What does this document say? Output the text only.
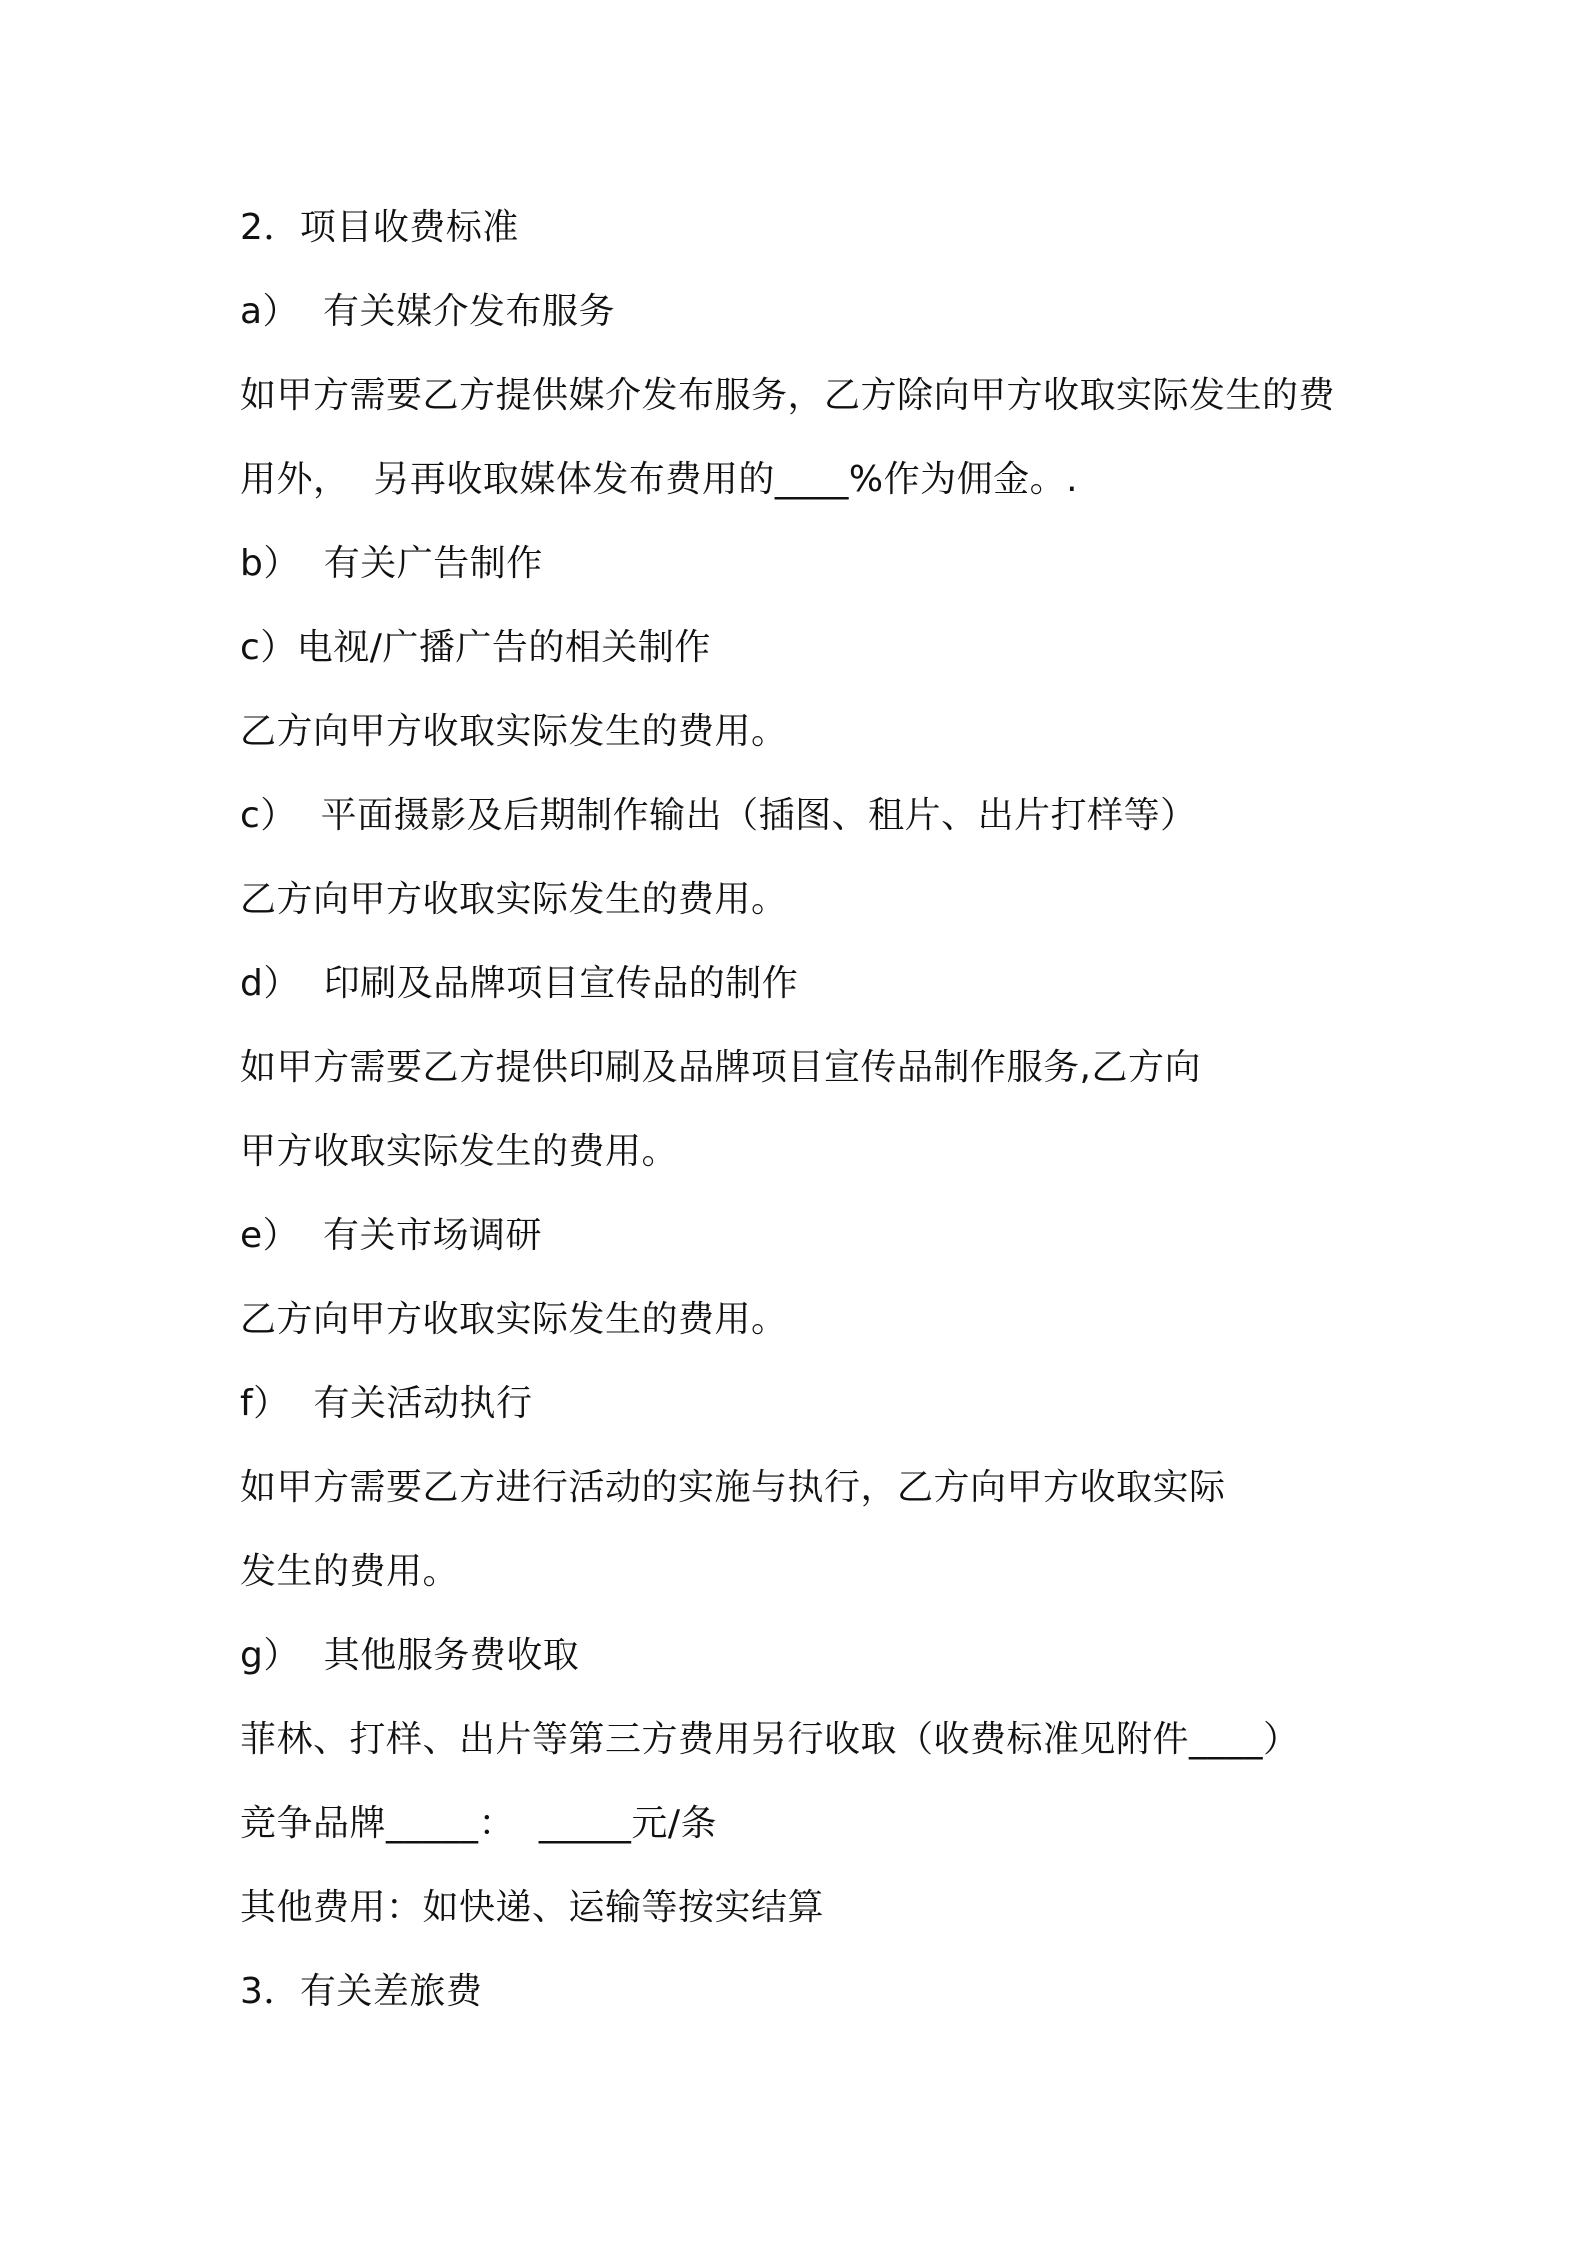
2．项目收费标准
a）  有关媒介发布服务
如甲方需要乙方提供媒介发布服务，乙方除向甲方收取实际发生的费
用外，  另再收取媒体发布费用的____%作为佣金。.
b）  有关广告制作
c）电视/广播广告的相关制作
乙方向甲方收取实际发生的费用。
c）  平面摄影及后期制作输出（插图、租片、出片打样等）
乙方向甲方收取实际发生的费用。
d）  印刷及品牌项目宣传品的制作
如甲方需要乙方提供印刷及品牌项目宣传品制作服务,乙方向
甲方收取实际发生的费用。
e）  有关市场调研
乙方向甲方收取实际发生的费用。
f）  有关活动执行
如甲方需要乙方进行活动的实施与执行，乙方向甲方收取实际
发生的费用。
g）  其他服务费收取
菲林、打样、出片等第三方费用另行收取（收费标准见附件____）
竞争品牌_____：  _____元/条
其他费用：如快递、运输等按实结算
3．有关差旅费
